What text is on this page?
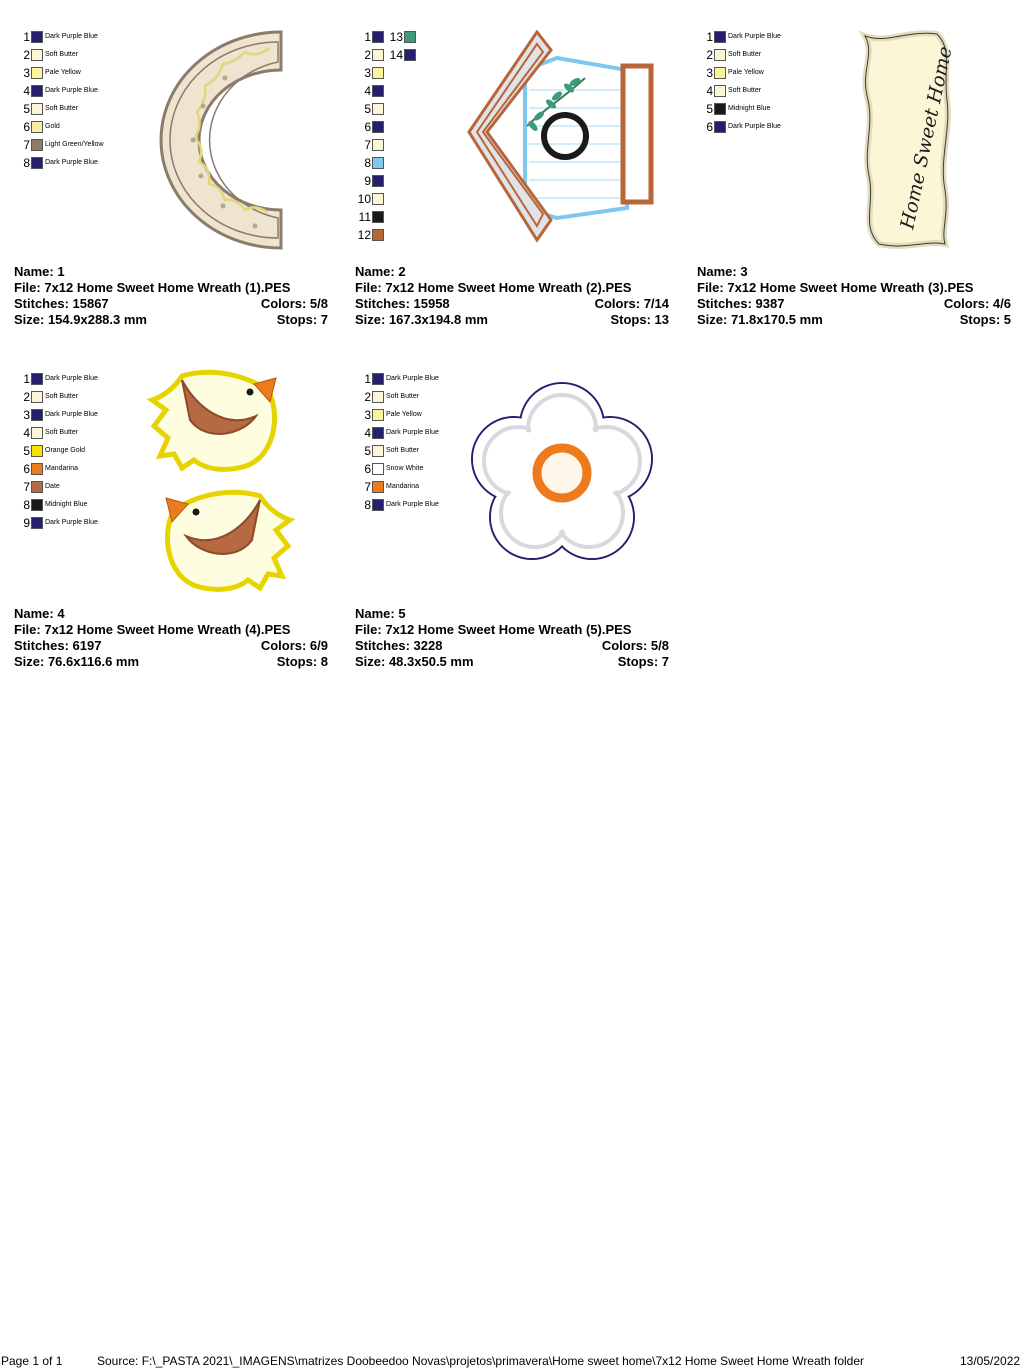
1 Dark Purple Blue
2 Soft Butter
3 Pale Yellow
4 Dark Purple Blue
5 Soft Butter
6 Gold
7 Light Green/Yellow
8 Dark Purple Blue
Name: 1
File: 7x12 Home Sweet Home Wreath (1).PES
Stitches: 15867	Colors: 5/8
Size: 154.9x288.3 mm	Stops: 7
1
2
3
4
5
6
7
8
9
10
11
12
13
14
Name: 2
File: 7x12 Home Sweet Home Wreath (2).PES
Stitches: 15958	Colors: 7/14
Size: 167.3x194.8 mm	Stops: 13
1 Dark Purple Blue
2 Soft Butter
3 Pale Yellow
4 Soft Butter
5 Midnight Blue
6 Dark Purple Blue	Home Sweet Home
Name: 3
File: 7x12 Home Sweet Home Wreath (3).PES
Stitches: 9387	Colors: 4/6
Size: 71.8x170.5 mm	Stops: 5
1 Dark Purple Blue
2 Soft Butter
3 Dark Purple Blue
4 Soft Butter
5 Orange Gold
6 Mandarina
7 Date
8 Midnight Blue
9 Dark Purple Blue
Name: 4
File: 7x12 Home Sweet Home Wreath (4).PES
Stitches: 6197	Colors: 6/9
Size: 76.6x116.6 mm	Stops: 8
1 Dark Purple Blue
2 Soft Butter
3 Pale Yellow
4 Dark Purple Blue
5 Soft Butter
6 Snow White
7 Mandarina
8 Dark Purple Blue
Name: 5
File: 7x12 Home Sweet Home Wreath (5).PES
Stitches: 3228	Colors: 5/8
Size: 48.3x50.5 mm	Stops: 7
Page 1 of 1	Source: F:\_PASTA 2021\_IMAGENS\matrizes Doobeedoo Novas\projetos\primavera\Home sweet home\7x12 Home Sweet Home Wreath folder	13/05/2022
